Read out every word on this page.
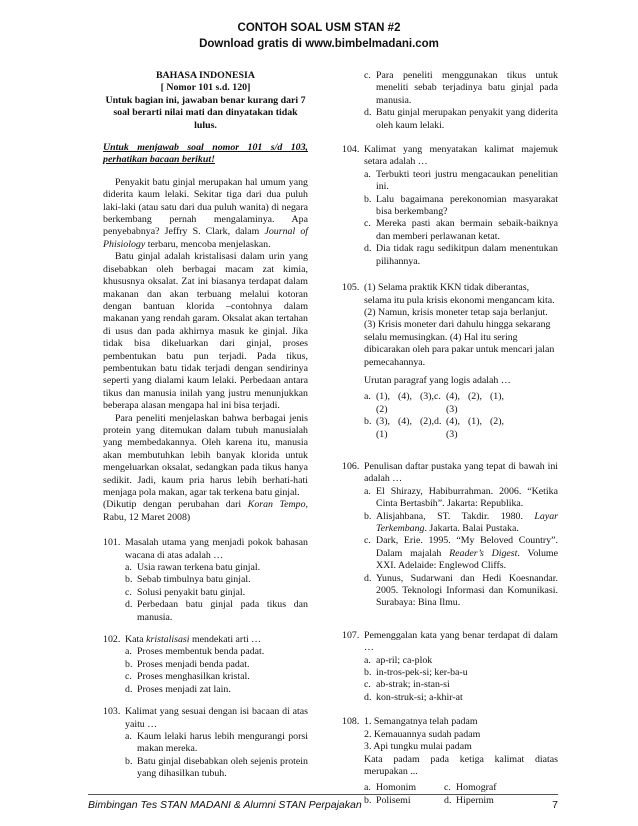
CONTOH SOAL USM STAN #2
Download gratis di www.bimbelmadani.com
BAHASA INDONESIA
[ Nomor 101 s.d. 120]
Untuk bagian ini, jawaban benar kurang dari 7 soal berarti nilai mati dan dinyatakan tidak lulus.

Untuk menjawab soal nomor 101 s/d 103, perhatikan bacaan berikut!

Penyakit batu ginjal merupakan hal umum yang diderita kaum lelaki. Sekitar tiga dari dua puluh laki-laki (atau satu dari dua puluh wanita) di negara berkembang pernah mengalaminya. Apa penyebabnya? Jeffry S. Clark, dalam Journal of Phisiology terbaru, mencoba menjelaskan.

Batu ginjal adalah kristalisasi dalam urin yang disebabkan oleh berbagai macam zat kimia, khususnya oksalat. Zat ini biasanya terdapat dalam makanan dan akan terbuang melalui kotoran dengan bantuan klorida –contohnya dalam makanan yang rendah garam. Oksalat akan tertahan di usus dan pada akhirnya masuk ke ginjal. Jika tidak bisa dikeluarkan dari ginjal, proses pembentukan batu pun terjadi. Pada tikus, pembentukan batu tidak terjadi dengan sendirinya seperti yang dialami kaum lelaki. Perbedaan antara tikus dan manusia inilah yang justru menunjukkan beberapa alasan mengapa hal ini bisa terjadi.

Para peneliti menjelaskan bahwa berbagai jenis protein yang ditemukan dalam tubuh manusialah yang membedakannya. Oleh karena itu, manusia akan membutuhkan lebih banyak klorida untuk mengeluarkan oksalat, sedangkan pada tikus hanya sedikit. Jadi, kaum pria harus lebih berhati-hati menjaga pola makan, agar tak terkena batu ginjal.

(Dikutip dengan perubahan dari Koran Tempo, Rabu, 12 Maret 2008)

101. Masalah utama yang menjadi pokok bahasan wacana di atas adalah …
a. Usia rawan terkena batu ginjal.
b. Sebab timbulnya batu ginjal.
c. Solusi penyakit batu ginjal.
d. Perbedaan batu ginjal pada tikus dan manusia.
102. Kata kristalisasi mendekati arti …
a. Proses membentuk benda padat.
b. Proses menjadi benda padat.
c. Proses menghasilkan kristal.
d. Proses menjadi zat lain.
103. Kalimat yang sesuai dengan isi bacaan di atas yaitu …
a. Kaum lelaki harus lebih mengurangi porsi makan mereka.
b. Batu ginjal disebabkan oleh sejenis protein yang dihasilkan tubuh.
c. Para peneliti menggunakan tikus untuk meneliti sebab terjadinya batu ginjal pada manusia.
d. Batu ginjal merupakan penyakit yang diderita oleh kaum lelaki.
104. Kalimat yang menyatakan kalimat majemuk setara adalah …
a. Terbukti teori justru mengacaukan penelitian ini.
b. Lalu bagaimana perekonomian masyarakat bisa berkembang?
c. Mereka pasti akan bermain sebaik-baiknya dan memberi perlawanan ketat.
d. Dia tidak ragu sedikitpun dalam menentukan pilihannya.
105. (1) Selama praktik KKN tidak diberantas, selama itu pula krisis ekonomi mengancam kita. (2) Namun, krisis moneter tetap saja berlanjut. (3) Krisis moneter dari dahulu hingga sekarang selalu memusingkan. (4) Hal itu sering dibicarakan oleh para pakar untuk mencari jalan pemecahannya.
Urutan paragraf yang logis adalah …
a. (1), (4), (3), (2)
c. (4), (2), (1), (3)
b. (3), (4), (2), (1)
d. (4), (1), (2), (3)
106. Penulisan daftar pustaka yang tepat di bawah ini adalah …
a. El Shirazy, Habiburrahman. 2006. “Ketika Cinta Bertasbih”. Jakarta: Republika.
b. Alisjahbana, ST. Takdir. 1980. Layar Terkembang. Jakarta. Balai Pustaka.
c. Dark, Erie. 1995. “My Beloved Country”. Dalam majalah Reader’s Digest. Volume XXI. Adelaide: Englewod Cliffs.
d. Yunus, Sudarwani dan Hedi Koesnandar. 2005. Teknologi Informasi dan Komunikasi. Surabaya: Bina Ilmu.
107. Pemenggalan kata yang benar terdapat di dalam …
a. ap-ril; ca-plok
b. in-tros-pek-si; ker-ba-u
c. ab-strak; in-stan-si
d. kon-struk-si; a-khir-at
108. 1. Semangatnya telah padam
2. Kemauannya sudah padam
3. Api tungku mulai padam
Kata padam pada ketiga kalimat diatas merupakan ...
a. Homonim	c. Homograf
b. Polisemi	d. Hipernim
Bimbingan Tes STAN MADANI & Alumni STAN Perpajakan	7
